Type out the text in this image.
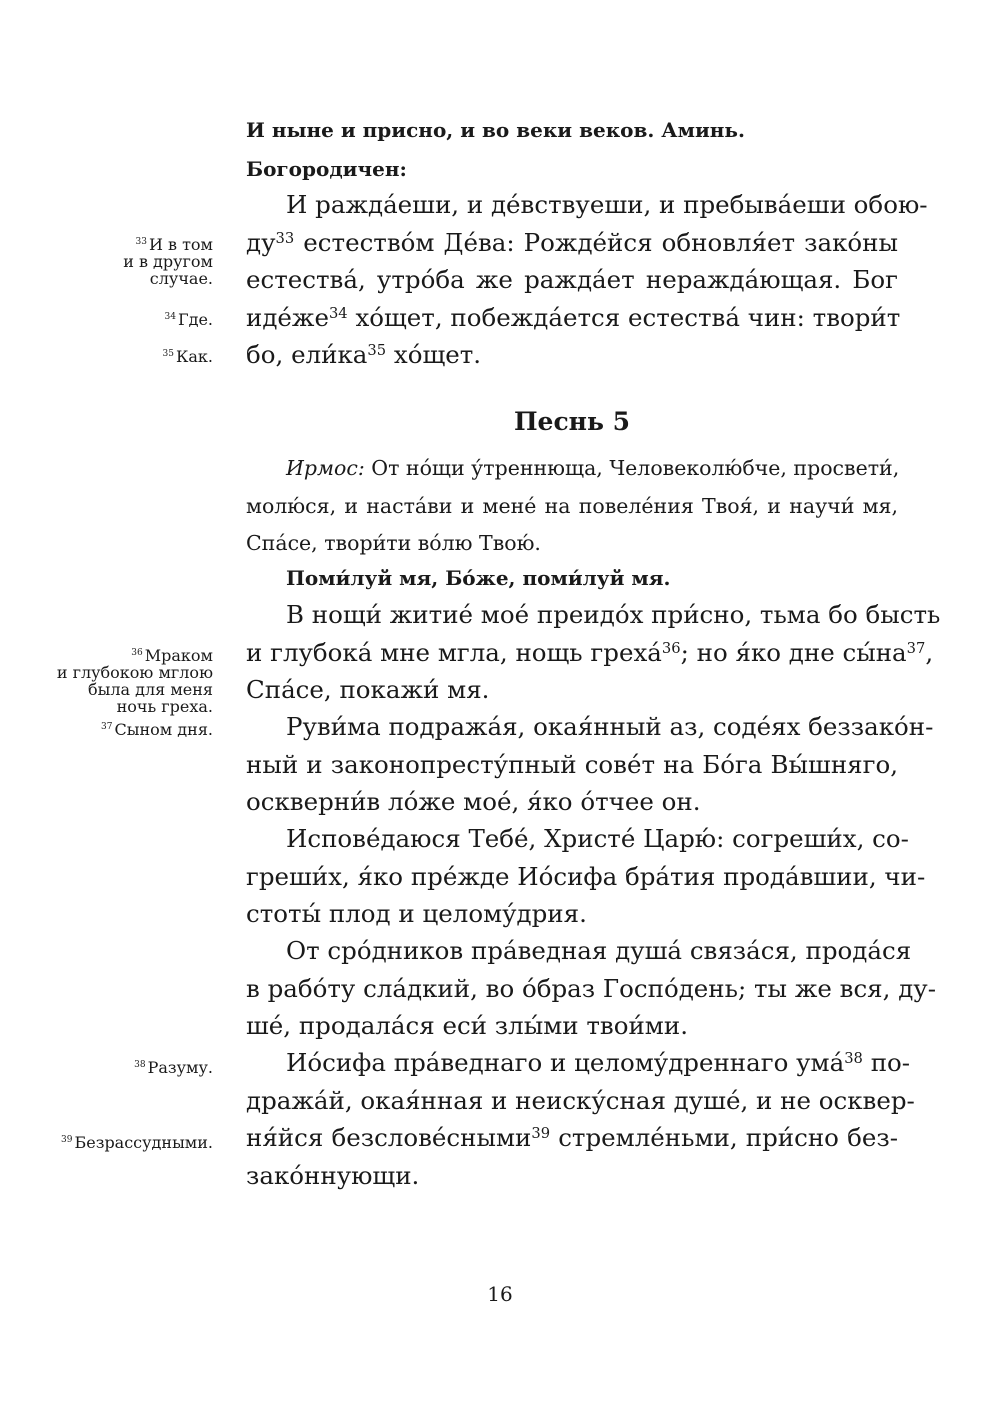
И ныне и присно, и во веки веков. Аминь.
Богородичен:
И раждáеши, и дéвствуеши, и пребывáеши обою-
$ду^{33}$ естествóм Дéва: Рождéйся обновля́ет закóны
естествá, утрóба же раждáет нераждáющая. Бог
идéже$^{34}$ хóщет, побеждáется естествá чин: твори́т
бо, $ели́ка^{35}$ хóщет.
Песнь 5
Ирмос: От нóщи у́треннюща, Человеколю́бче, просвети́,
молю́ся, и настáви и менé на повелéния Твоя́, и научи́ мя,
Спáсе, твори́ти вóлю Твою́.
Поми́луй мя, Бóже, поми́луй мя.
В нощи́ житиé моé преидóх при́сно, тьма бо бысть
и глубокá мне мгла, нощь грехá$^{36}$; но я́ко дне $сы́на^{37}$,
Спáсе, покажи́ мя.
Руви́ма подражáя, окая́нный аз, содéях беззакóн-
ный и законопресту́пный совéт на Бóга Вы́шняго,
оскверни́в лóже моé, я́ко óтчее он.
Исповéдаюся Тебé, Христé Царю́: согреши́х, со-
греши́х, я́ко прéжде Иóсифа бра́тия продáвшии, чи-
стоты́ плод и целому́дрия.
От срóдников прáведная душá связáся, продáся
в рабóту слáдкий, во óбраз Госпóдень; ты же вся, ду-
шé, продалáся еси́ злы́ми твои́ми.
Иóсифа прáведнаго и целому́дреннаго умá$^{38}$ по-
дражáй, окая́нная и неиску́сная душé, и не осквер-
ня́йся безсловéсными$^{39}$ стремлéньми, при́сно без-
закóннующи.
$^{33}$ И в том
и в другом
случае.
$^{34}$ Где.
$^{35}$ Как.
$^{36}$ Мраком
и глубокою мглою
была для меня
ночь греха.
$^{37}$ Сыном дня.
$^{38}$ Разуму.
$^{39}$ Безрассудными.
16
